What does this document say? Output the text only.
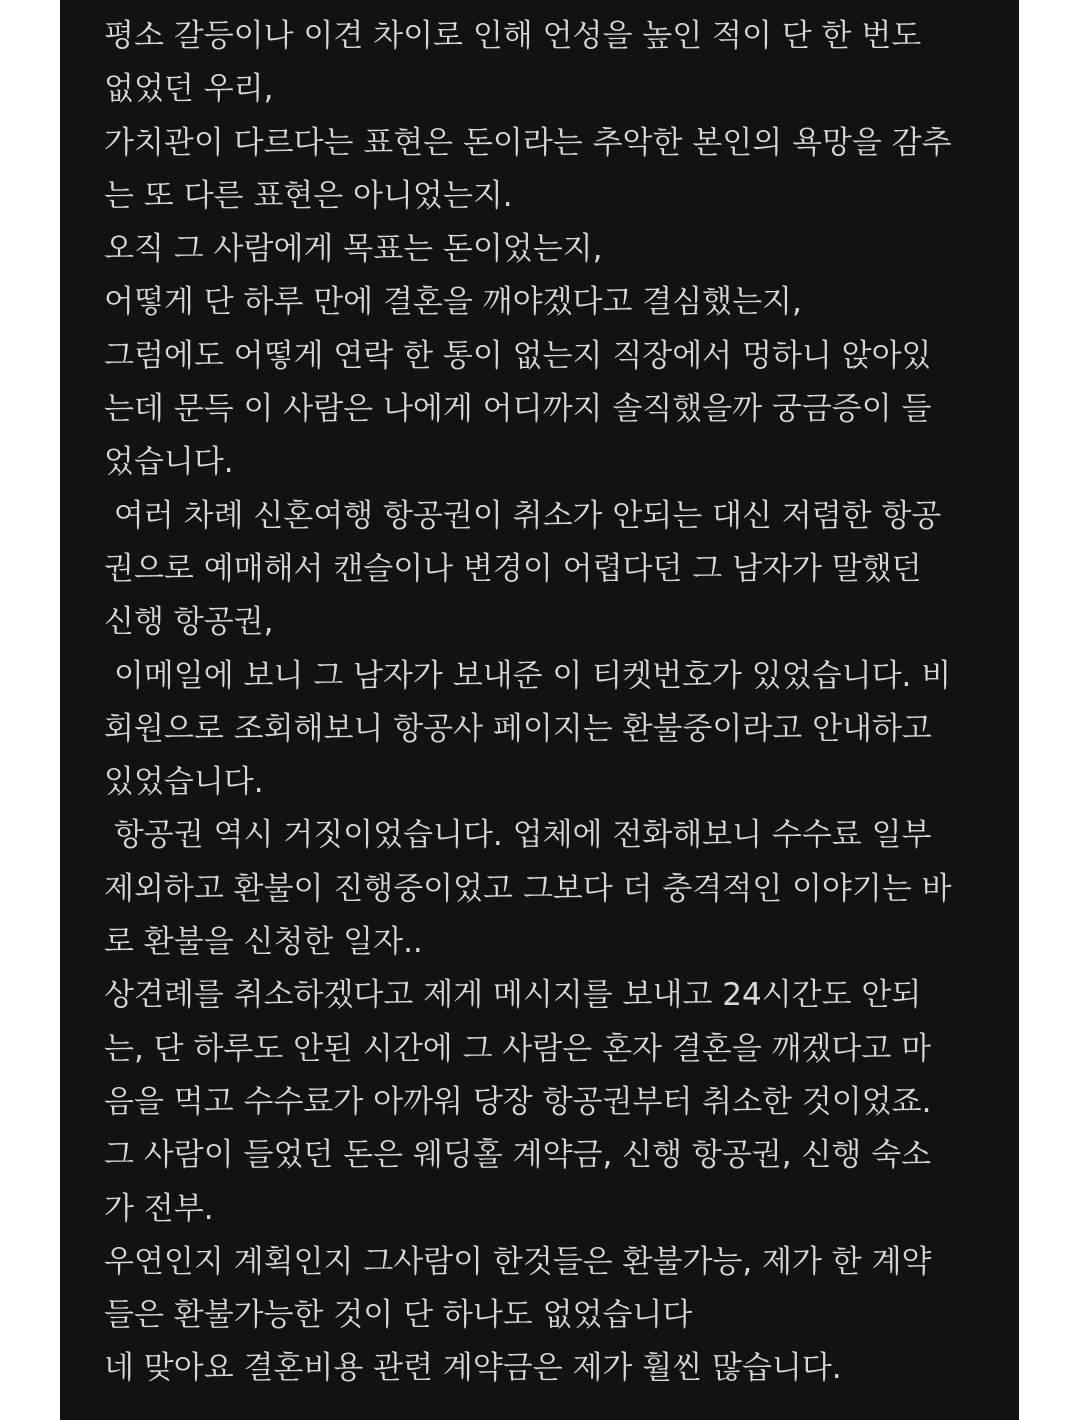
평소 갈등이나 이견 차이로 인해 언성을 높인 적이 단 한 번도
없었던 우리,
가치관이 다르다는 표현은 돈이라는 추악한 본인의 욕망을 감추
는 또 다른 표현은 아니었는지.
오직 그 사람에게 목표는 돈이었는지,
어떻게 단 하루 만에 결혼을 깨야겠다고 결심했는지,
그럼에도 어떻게 연락 한 통이 없는지 직장에서 멍하니 앉아있
는데 문득 이 사람은 나에게 어디까지 솔직했을까 궁금증이 들
었습니다.
여러 차례 신혼여행 항공권이 취소가 안되는 대신 저렴한 항공
권으로 예매해서 캔슬이나 변경이 어렵다던 그 남자가 말했던
신행 항공권,
이메일에 보니 그 남자가 보내준 이 티켓번호가 있었습니다. 비
회원으로 조회해보니 항공사 페이지는 환불중이라고 안내하고
있었습니다.
항공권 역시 거짓이었습니다. 업체에 전화해보니 수수료 일부
제외하고 환불이 진행중이었고 그보다 더 충격적인 이야기는 바
로 환불을 신청한 일자..
상견례를 취소하겠다고 제게 메시지를 보내고 24시간도 안되
는, 단 하루도 안된 시간에 그 사람은 혼자 결혼을 깨겠다고 마
음을 먹고 수수료가 아까워 당장 항공권부터 취소한 것이었죠.
그 사람이 들었던 돈은 웨딩홀 계약금, 신행 항공권, 신행 숙소
가 전부.
우연인지 계획인지 그사람이 한것들은 환불가능, 제가 한 계약
들은 환불가능한 것이 단 하나도 없었습니다
네 맞아요 결혼비용 관련 계약금은 제가 훨씬 많습니다.
